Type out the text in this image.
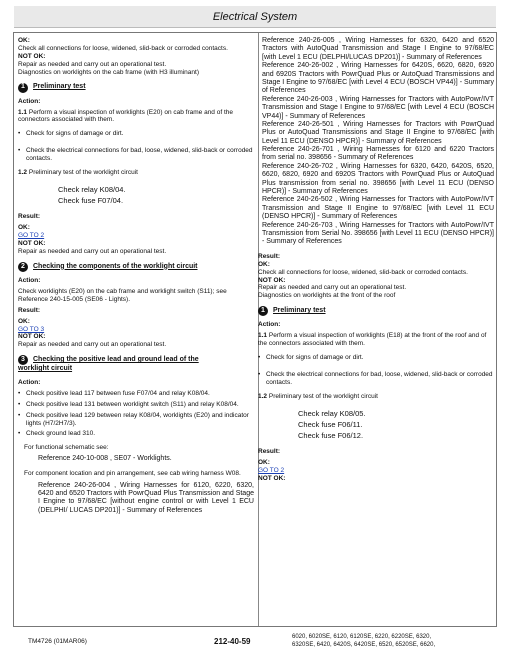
Electrical System

OK:

Check all connections for loose, widened, slid-back or corroded contacts.

NOT OK:

Repair as needed and carry out an operational test.

Diagnostics on worklights on the cab frame (with H3 illuminant)

1	Preliminary test

Action:

1.1 Perform a visual inspection of worklights (E20) on cab frame and of the connectors associated with them.

• Check for signs of damage or dirt.

• Check the electrical connections for bad, loose, widened, slid-back or corroded contacts.

1.2 Preliminary test of the worklight circuit

Check relay K08/04.

Check fuse F07/04.

Result:

OK:

GO TO 2

NOT OK:

Repair as needed and carry out an operational test.

2	Checking the components of the worklight circuit

Action:

Check worklights (E20) on the cab frame and worklight switch (S11); see Reference 240-15-005 (SE06 - Lights).

Result:

OK:

GO TO 3

NOT OK:

Repair as needed and carry out an operational test.

3	Checking the positive lead and ground lead of the

worklight circuit

Action:

• Check positive lead 117 between fuse F07/04 and relay K08/04.

• Check positive lead 131 between worklight switch (S11) and relay K08/04.

• Check positive lead 129 between relay K08/04, worklights (E20) and indicator lights (H7/2H7/3).

• Check ground lead 310.

For functional schematic see:

Reference 240-10-008 , SE07 - Worklights.

For component location and pin arrangement, see cab wiring harness W08.

Reference 240-26-004 , Wiring Harnesses for 6120, 6220, 6320, 6420 and 6520 Tractors with PowrQuad Plus Transmission and Stage I Engine to 97/68/EC [without engine control or with Level 1 ECU (DELPHI/ LUCAS DP201)] - Summary of References

Reference 240-26-005 , Wiring Harnesses for 6320, 6420 and 6520 Tractors with AutoQuad Transmission and Stage I Engine to 97/68/EC [with Level 1 ECU (DELPHI/LUCAS DP201)] - Summary of References

Reference 240-26-002 , Wiring Harnesses for 6420S, 6620, 6820, 6920 and 6920S Tractors with PowrQuad Plus or AutoQuad Transmissions and Stage I Engine to 97/68/EC [with Level 4 ECU (BOSCH VP44)] - Summary of References

Reference 240-26-003 , Wiring Harnesses for Tractors with AutoPowr/IVT Transmission and Stage I Engine to 97/68/EC [with Level 4 ECU (BOSCH VP44)] - Summary of References

Reference 240-26-501 , Wiring Harnesses for Tractors with PowrQuad Plus or AutoQuad Transmissions and Stage II Engine to 97/68/EC [with Level 11 ECU (DENSO HPCR)] - Summary of References

Reference 240-26-701 , Wiring Harnesses for 6120 and 6220 Tractors from serial no. 398656 - Summary of References

Reference 240-26-702 , Wiring Harnesses for 6320, 6420, 6420S, 6520, 6620, 6820, 6920 and 6920S Tractors with PowrQuad Plus or AutoQuad Plus transmission from serial no. 398656 [with Level 11 ECU (DENSO HPCR)] - Summary of References

Reference 240-26-502 , Wiring Harnesses for Tractors with AutoPowr/IVT Transmission and Stage II Engine to 97/68/EC [with Level 11 ECU (DENSO HPCR)] - Summary of References

Reference 240-26-703 , Wiring Harnesses for Tractors with AutoPowr/IVT Transmission from Serial No. 398656 [with Level 11 ECU (DENSO HPCR)] - Summary of References

Result:

OK:

Check all connections for loose, widened, slid-back or corroded contacts.

NOT OK:

Repair as needed and carry out an operational test.

Diagnostics on worklights at the front of the roof

1	Preliminary test

Action:

1.1 Perform a visual inspection of worklights (E18) at the front of the roof and of the connectors associated with them.

• Check for signs of damage or dirt.

• Check the electrical connections for bad, loose, widened, slid-back or corroded contacts.

1.2 Preliminary test of the worklight circuit

Check relay K08/05.

Check fuse F06/11.

Check fuse F06/12.

Result:

OK:

GO TO 2

NOT OK:

TM4726 (01MAR06)	212-40-59	6020, 6020SE, 6120, 6120SE, 6220, 6220SE, 6320,

6320SE, 6420, 6420S, 6420SE, 6520, 6520SE, 6620,
